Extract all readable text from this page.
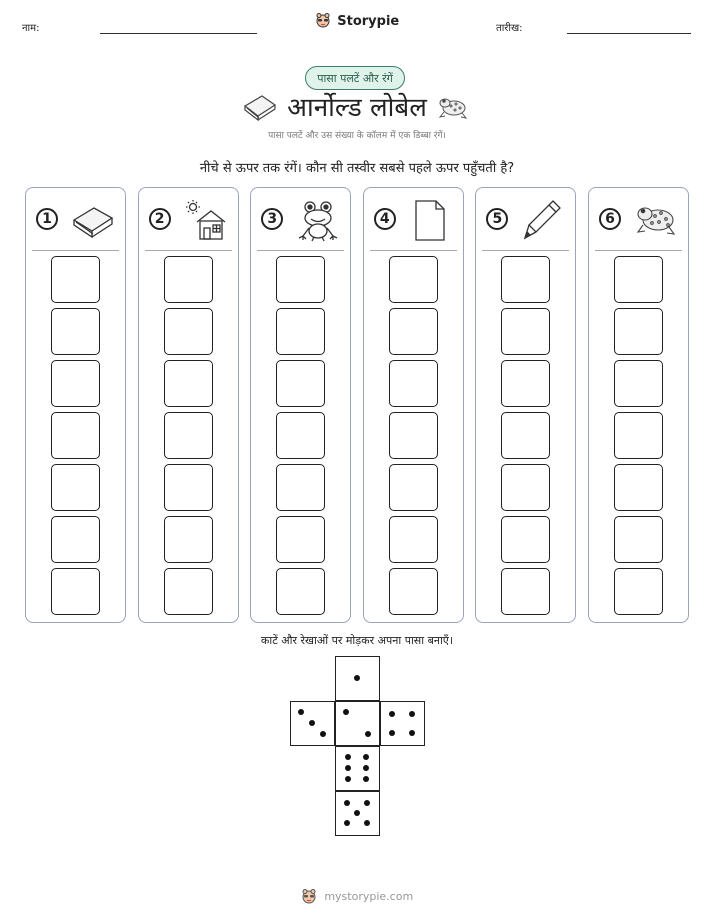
नाम:	Storypie	तारीख:
पासा पलटें और रंगें
आर्नोल्ड लोबेल
पासा पलटें और उस संख्या के कॉलम में एक डिब्बा रंगें।
नीचे से ऊपर तक रंगें। कौन सी तस्वीर सबसे पहले ऊपर पहुँचती है?
1	2	3	4	5	6
काटें और रेखाओं पर मोड़कर अपना पासा बनाएँ।
mystorypie.com
